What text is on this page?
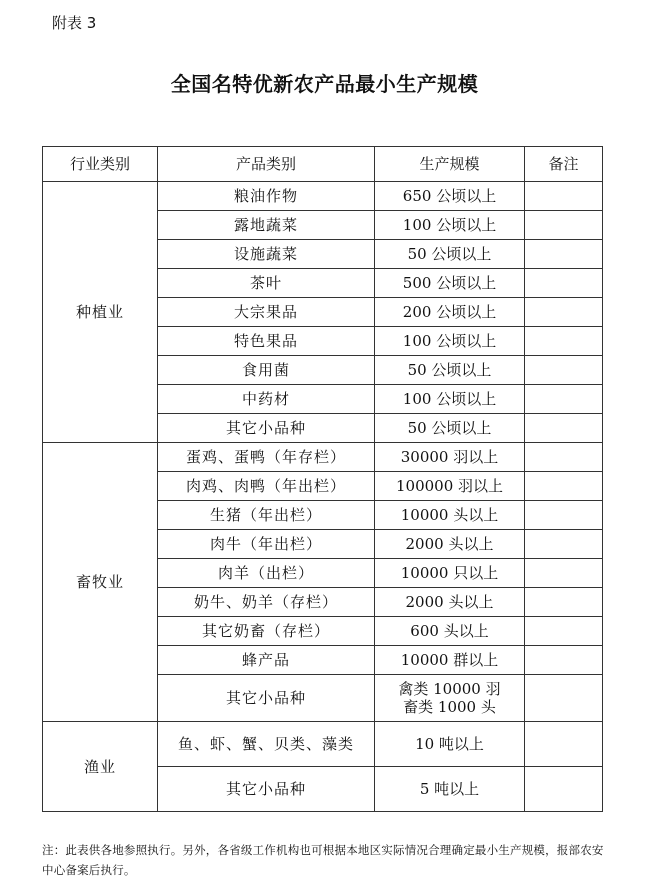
附表 3
全国名特优新农产品最小生产规模
行业类别	产品类别	生产规模	备注
种植业	粮油作物	650 公顷以上	
	露地蔬菜	100 公顷以上	
	设施蔬菜	50 公顷以上	
	茶叶	500 公顷以上	
	大宗果品	200 公顷以上	
	特色果品	100 公顷以上	
	食用菌	50 公顷以上	
	中药材	100 公顷以上	
	其它小品种	50 公顷以上	
畜牧业	蛋鸡、蛋鸭（年存栏）	30000 羽以上	
	肉鸡、肉鸭（年出栏）	100000 羽以上	
	生猪（年出栏）	10000 头以上	
	肉牛（年出栏）	2000 头以上	
	肉羊（出栏）	10000 只以上	
	奶牛、奶羊（存栏）	2000 头以上	
	其它奶畜（存栏）	600 头以上	
	蜂产品	10000 群以上	
	其它小品种	禽类 10000 羽
畜类 1000 头	

渔业	鱼、虾、蟹、贝类、藻类	10 吨以上	
	其它小品种	5 吨以上	
注：此表供各地参照执行。另外，各省级工作机构也可根据本地区实际情况合理确定最小生产规模，报部农安中心备案后执行。
